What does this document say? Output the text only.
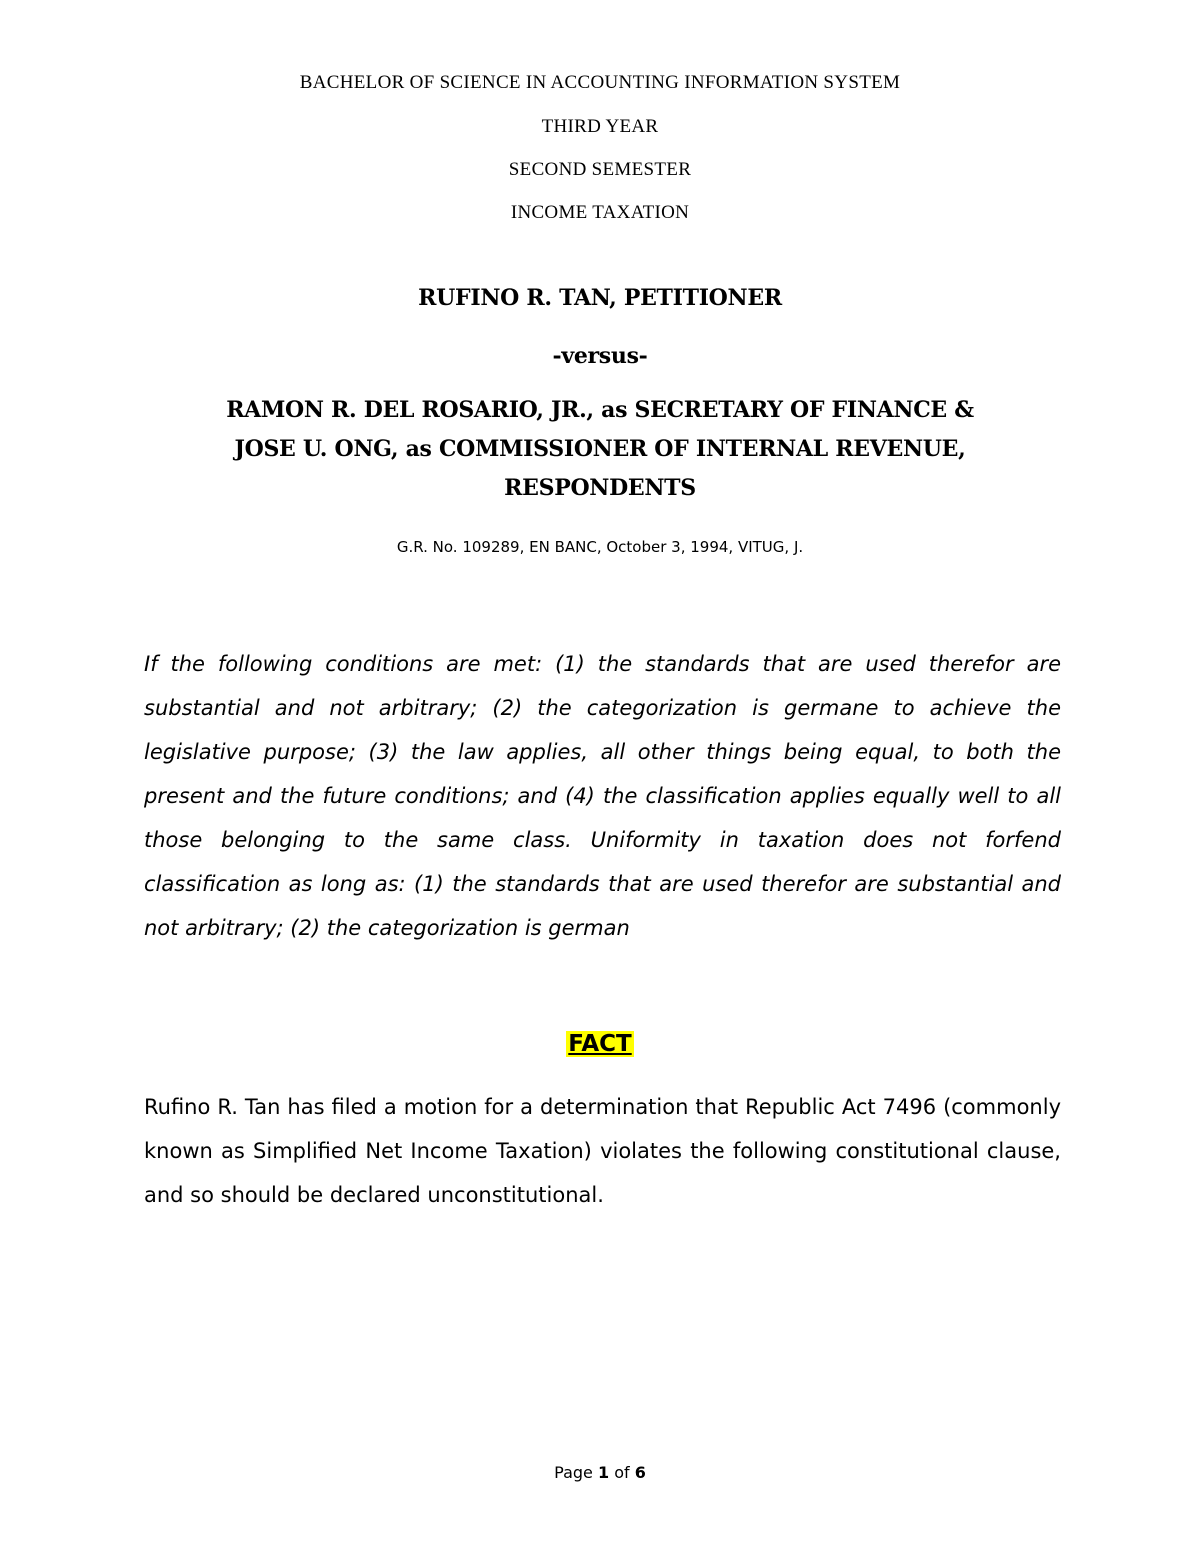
BACHELOR OF SCIENCE IN ACCOUNTING INFORMATION SYSTEM

THIRD YEAR

SECOND SEMESTER

INCOME TAXATION

RUFINO R. TAN, PETITIONER

-versus-

RAMON R. DEL ROSARIO, JR., as SECRETARY OF FINANCE &
JOSE U. ONG, as COMMISSIONER OF INTERNAL REVENUE,
RESPONDENTS

G.R. No. 109289, EN BANC, October 3, 1994, VITUG, J.

If the following conditions are met: (1) the standards that are used therefor are substantial and not arbitrary; (2) the categorization is germane to achieve the legislative purpose; (3) the law applies, all other things being equal, to both the present and the future conditions; and (4) the classification applies equally well to all those belonging to the same class. Uniformity in taxation does not forfend classification as long as: (1) the standards that are used therefor are substantial and not arbitrary; (2) the categorization is german

FACT

Rufino R. Tan has filed a motion for a determination that Republic Act 7496 (commonly known as Simplified Net Income Taxation) violates the following constitutional clause, and so should be declared unconstitutional.

Page 1 of 6
